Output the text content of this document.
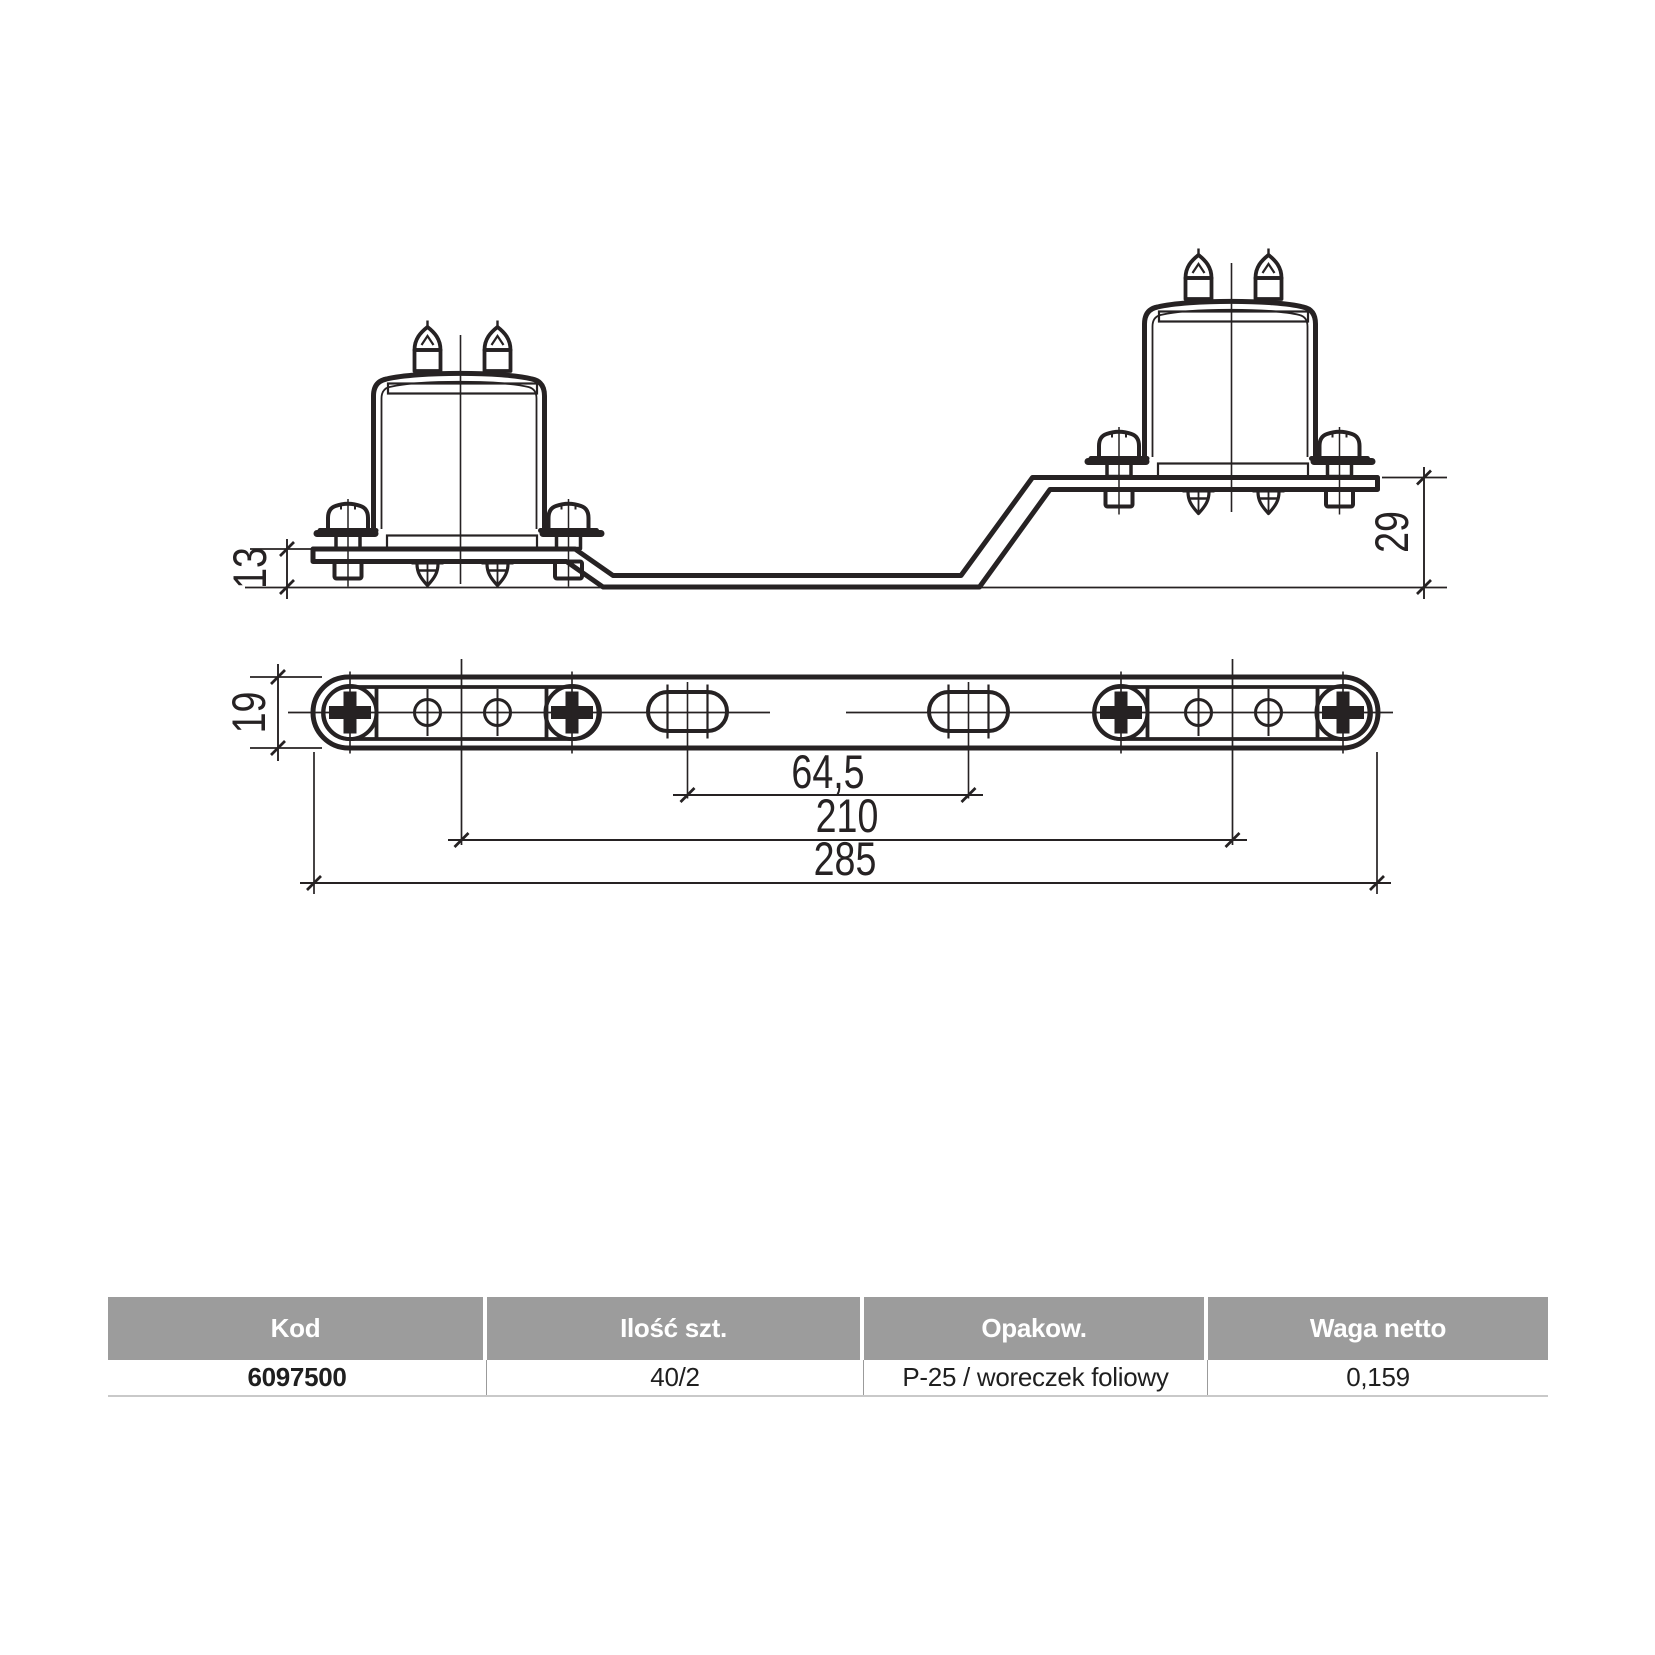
13
29
19
64,5
210
285
Kod	Ilość szt.	Opakow.	Waga netto
6097500	40/2	P-25 / woreczek foliowy	0,159
